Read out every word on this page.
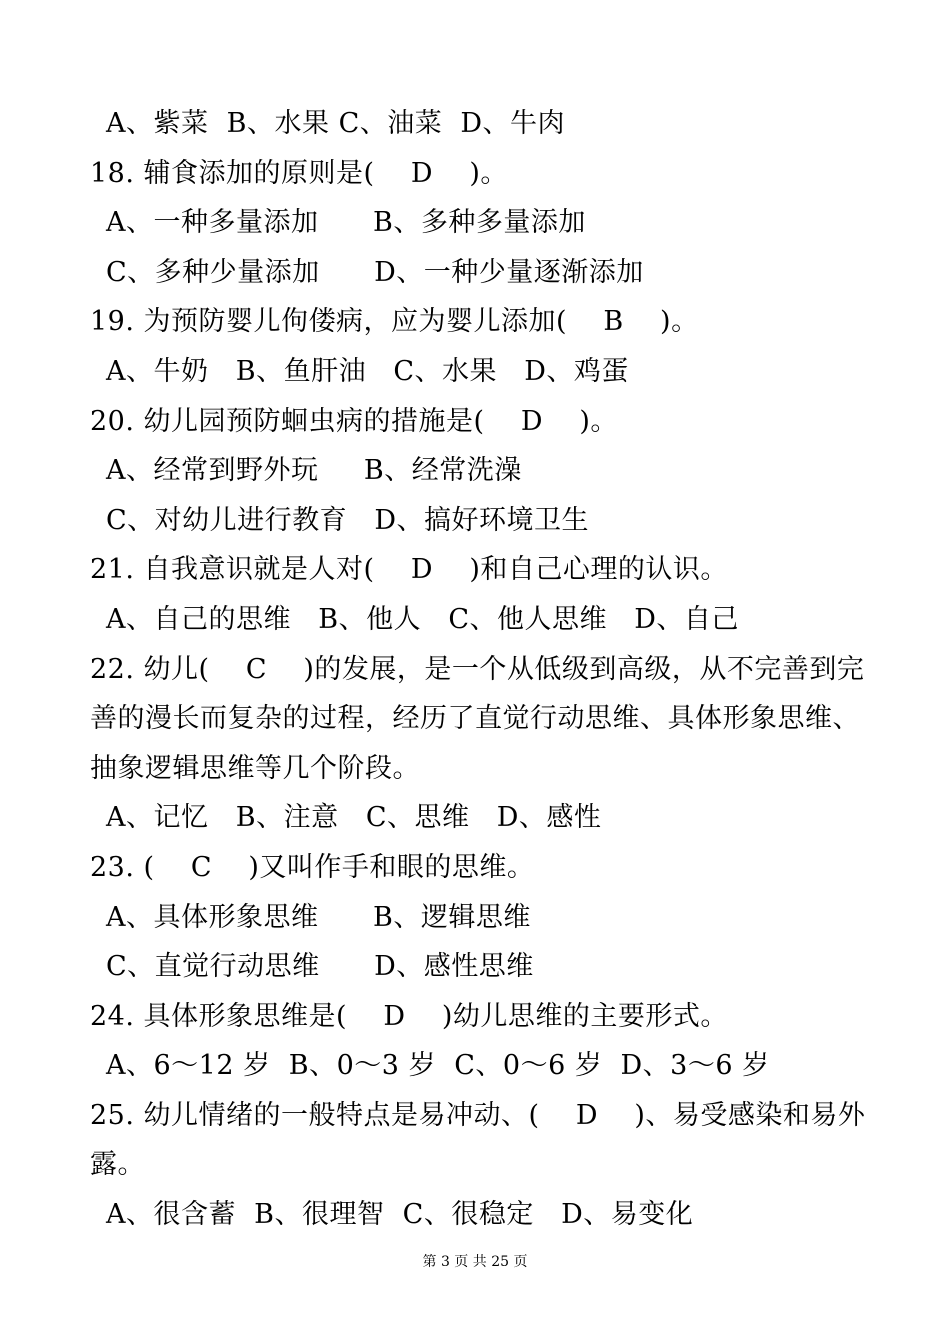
A、紫菜  B、水果 C、油菜  D、牛肉
18. 辅食添加的原则是(    D    )。
A、一种多量添加      B、多种多量添加
C、多种少量添加      D、一种少量逐渐添加
19. 为预防婴儿佝偻病，应为婴儿添加(    B    )。
A、牛奶   B、鱼肝油   C、水果   D、鸡蛋
20. 幼儿园预防蛔虫病的措施是(    D    )。
A、经常到野外玩     B、经常洗澡
C、对幼儿进行教育   D、搞好环境卫生
21. 自我意识就是人对(    D    )和自己心理的认识。
A、自己的思维   B、他人   C、他人思维   D、自己
22. 幼儿(    C    )的发展，是一个从低级到高级，从不完善到完
善的漫长而复杂的过程，经历了直觉行动思维、具体形象思维、
抽象逻辑思维等几个阶段。
A、记忆   B、注意   C、思维   D、感性
23. (    C    )又叫作手和眼的思维。
A、具体形象思维      B、逻辑思维
C、直觉行动思维      D、感性思维
24. 具体形象思维是(    D    )幼儿思维的主要形式。
A、6～12 岁  B、0～3 岁  C、0～6 岁  D、3～6 岁
25. 幼儿情绪的一般特点是易冲动、(    D    )、易受感染和易外
露。
A、很含蓄  B、很理智  C、很稳定   D、易变化
第 3 页 共 25 页
